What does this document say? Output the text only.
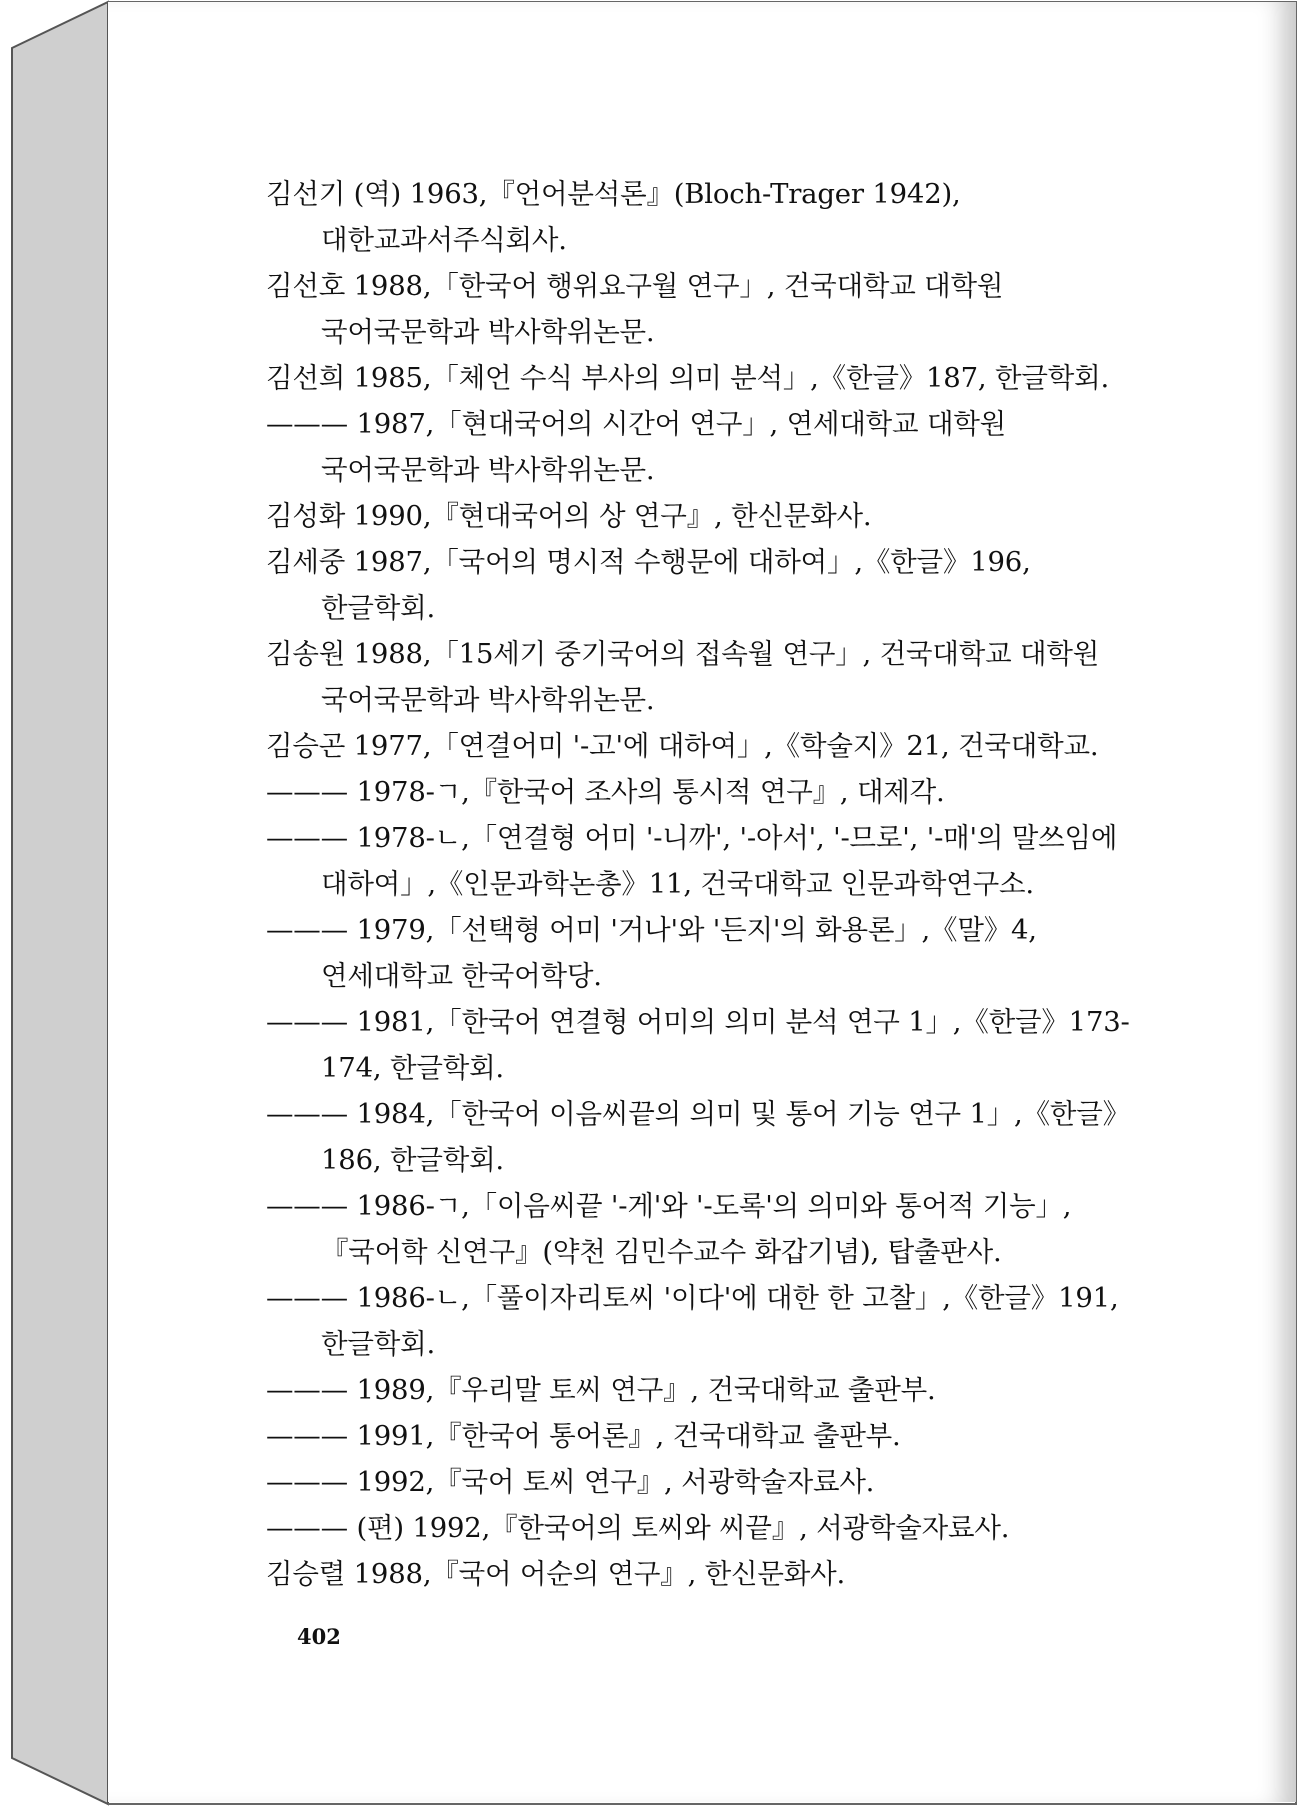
김선기 (역) 1963,『언어분석론』(Bloch-Trager 1942), 대한교과서주식회사.
김선호 1988,「한국어 행위요구월 연구」, 건국대학교 대학원 국어국문학과 박사학위논문.
김선희 1985,「체언 수식 부사의 의미 분석」,《한글》187, 한글학회.
——— 1987,「현대국어의 시간어 연구」, 연세대학교 대학원 국어국문학과 박사학위논문.
김성화 1990,『현대국어의 상 연구』, 한신문화사.
김세중 1987,「국어의 명시적 수행문에 대하여」,《한글》196, 한글학회.
김송원 1988,「15세기 중기국어의 접속월 연구」, 건국대학교 대학원 국어국문학과 박사학위논문.
김승곤 1977,「연결어미 '-고'에 대하여」,《학술지》21, 건국대학교.
——— 1978-ㄱ,『한국어 조사의 통시적 연구』, 대제각.
——— 1978-ㄴ,「연결형 어미 '-니까', '-아서', '-므로', '-매'의 말쓰임에 대하여」,《인문과학논총》11, 건국대학교 인문과학연구소.
——— 1979,「선택형 어미 '거나'와 '든지'의 화용론」,《말》4, 연세대학교 한국어학당.
——— 1981,「한국어 연결형 어미의 의미 분석 연구 1」,《한글》173-174, 한글학회.
——— 1984,「한국어 이음씨끝의 의미 및 통어 기능 연구 1」,《한글》186, 한글학회.
——— 1986-ㄱ,「이음씨끝 '-게'와 '-도록'의 의미와 통어적 기능」,『국어학 신연구』(약천 김민수교수 화갑기념), 탑출판사.
——— 1986-ㄴ,「풀이자리토씨 '이다'에 대한 한 고찰」,《한글》191, 한글학회.
——— 1989,『우리말 토씨 연구』, 건국대학교 출판부.
——— 1991,『한국어 통어론』, 건국대학교 출판부.
——— 1992,『국어 토씨 연구』, 서광학술자료사.
——— (편) 1992,『한국어의 토씨와 씨끝』, 서광학술자료사.
김승렬 1988,『국어 어순의 연구』, 한신문화사.
402
